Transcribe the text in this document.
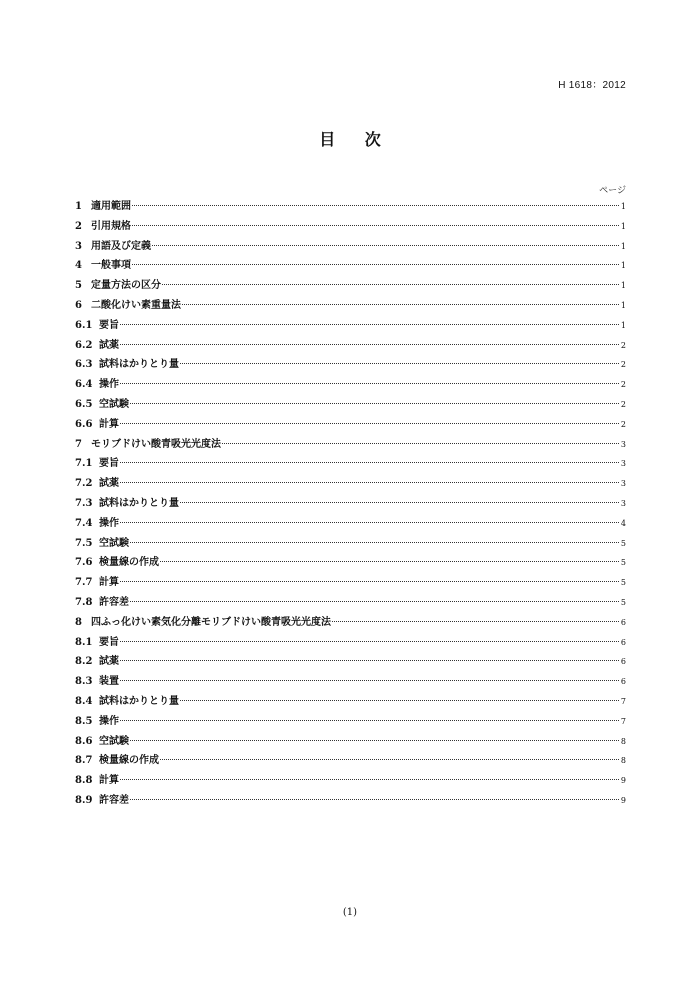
H 1618：2012
目 次
ページ
1 適用範囲	1
2 引用規格	1
3 用語及び定義	1
4 一般事項	1
5 定量方法の区分	1
6 二酸化けい素重量法	1
6.1 要旨	1
6.2 試薬	2
6.3 試料はかりとり量	2
6.4 操作	2
6.5 空試験	2
6.6 計算	2
7 モリブドけい酸青吸光光度法	3
7.1 要旨	3
7.2 試薬	3
7.3 試料はかりとり量	3
7.4 操作	4
7.5 空試験	5
7.6 検量線の作成	5
7.7 計算	5
7.8 許容差	5
8 四ふっ化けい素気化分離モリブドけい酸青吸光光度法	6
8.1 要旨	6
8.2 試薬	6
8.3 装置	6
8.4 試料はかりとり量	7
8.5 操作	7
8.6 空試験	8
8.7 検量線の作成	8
8.8 計算	9
8.9 許容差	9
(1)
